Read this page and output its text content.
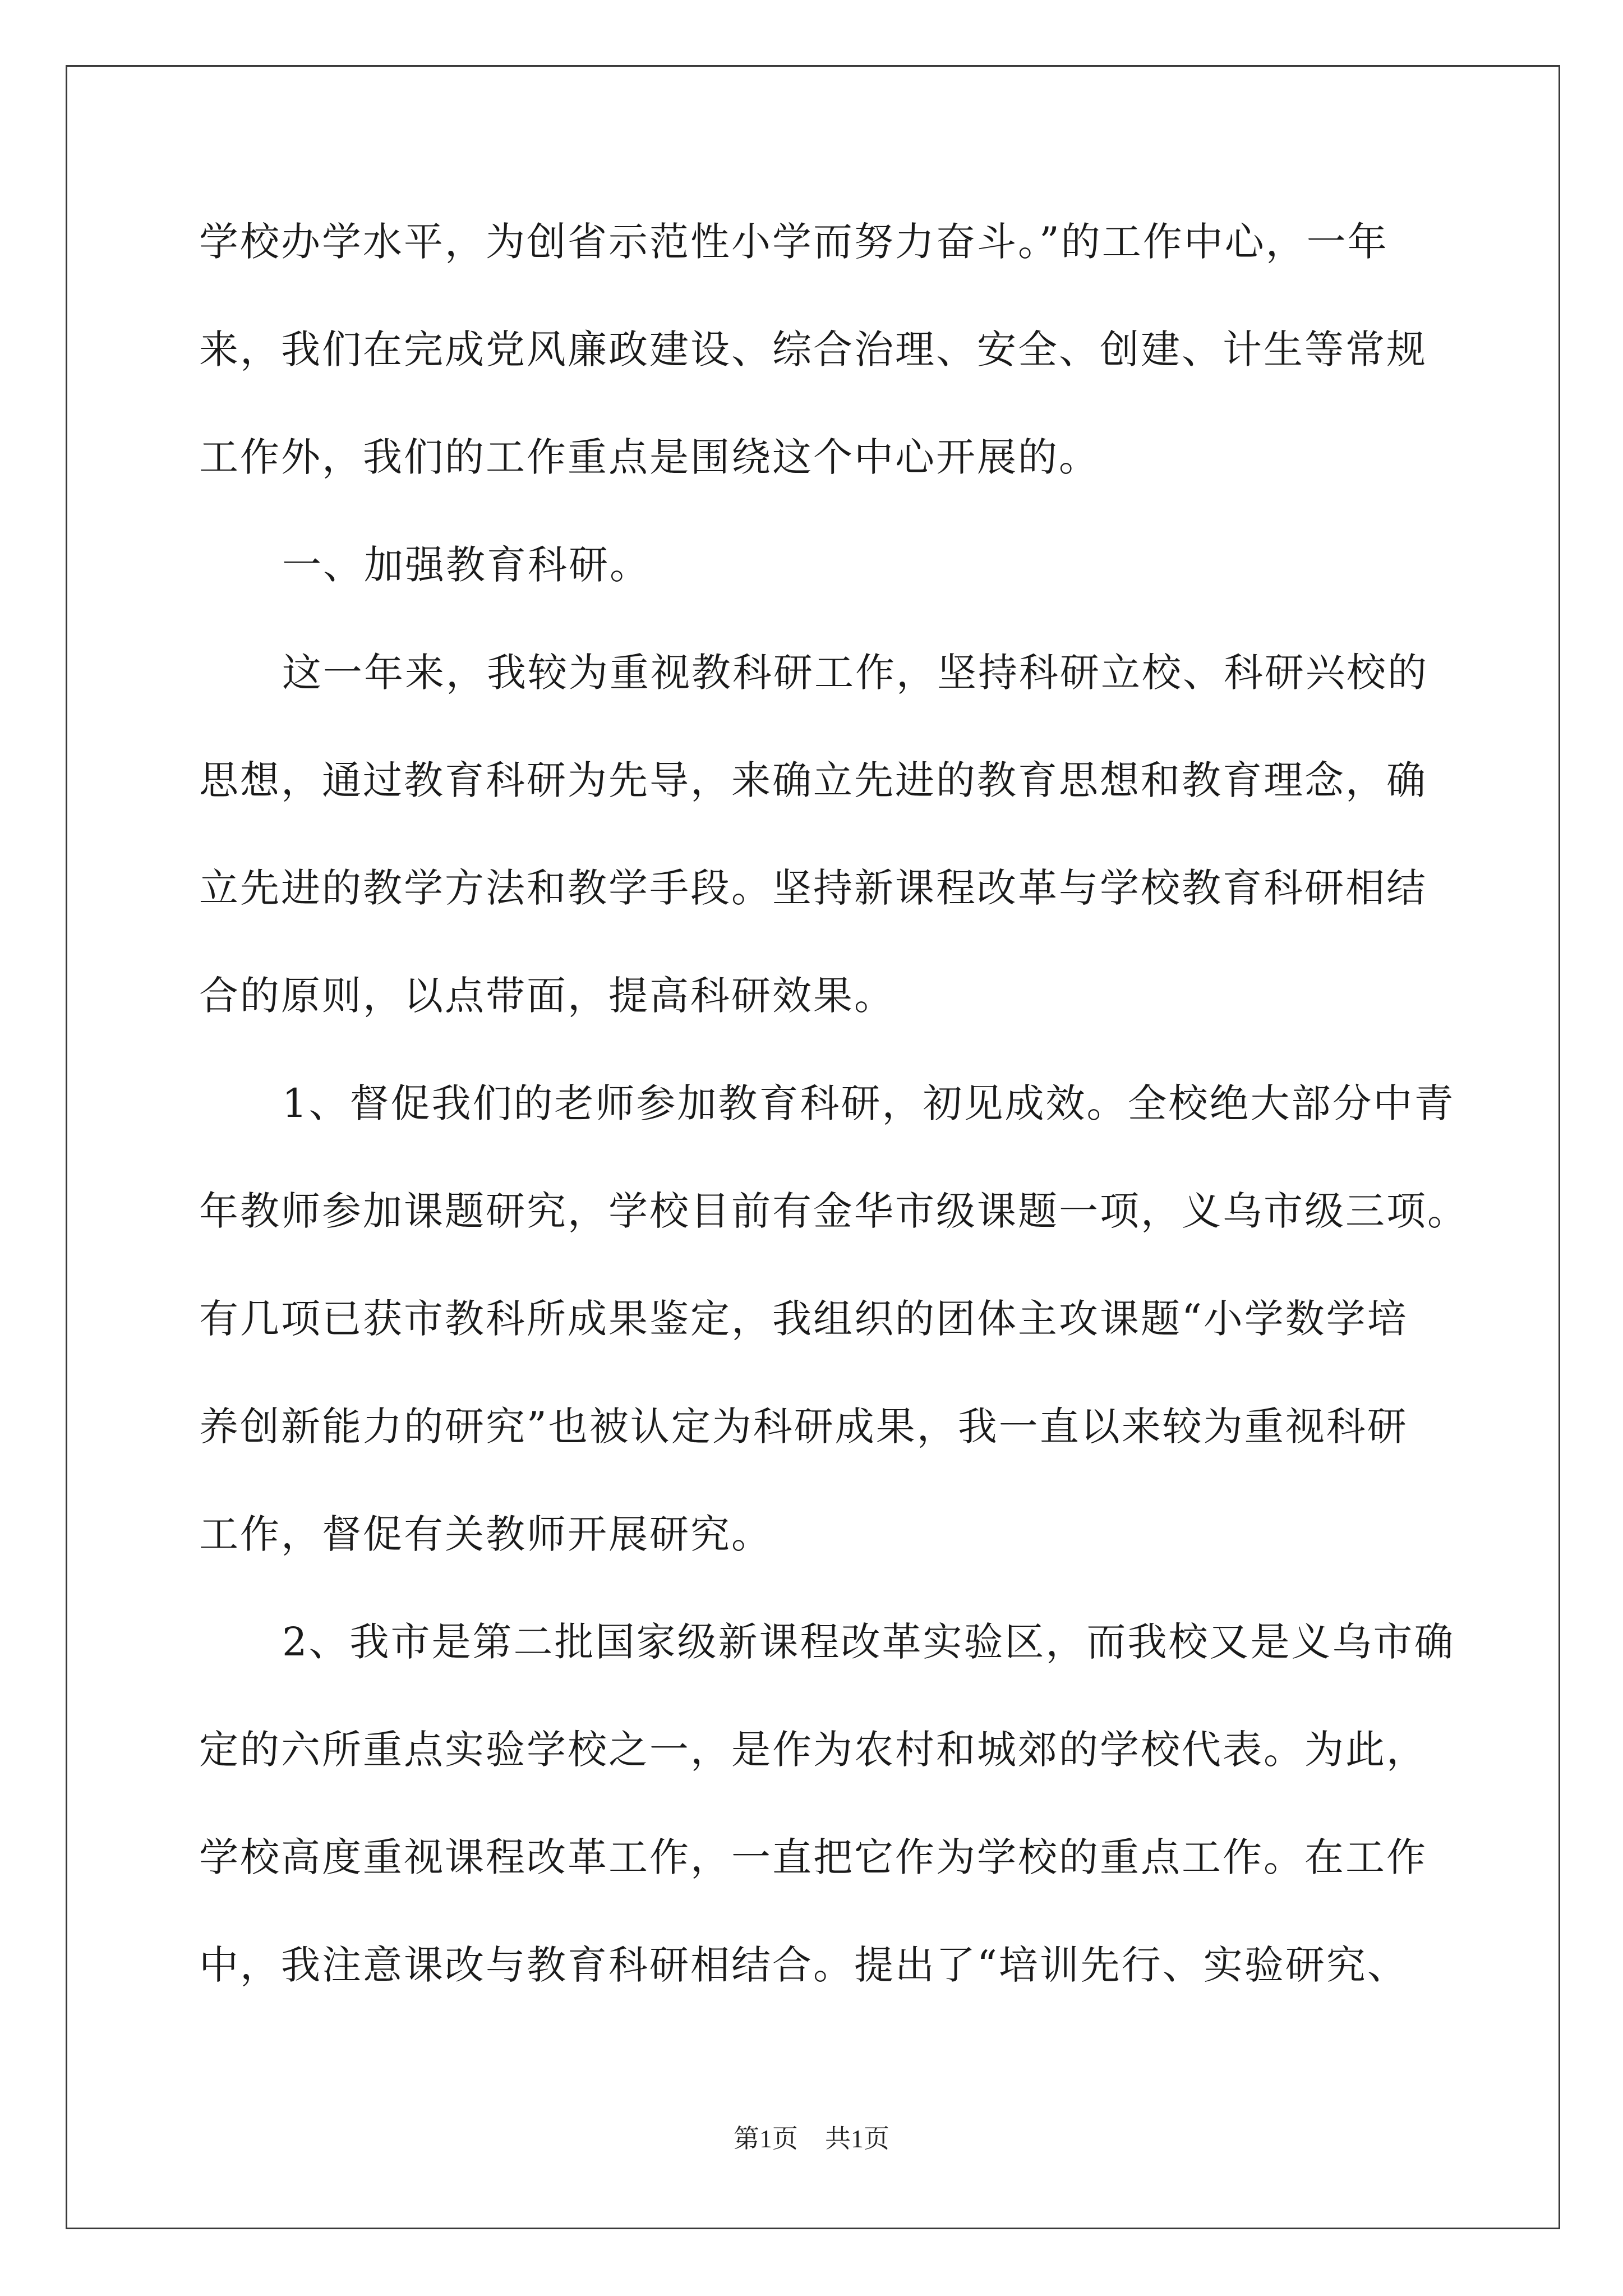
学校办学水平，为创省示范性小学而努力奋斗。”的工作中心，一年
来，我们在完成党风廉政建设、综合治理、安全、创建、计生等常规
工作外，我们的工作重点是围绕这个中心开展的。
一、加强教育科研。
这一年来，我较为重视教科研工作，坚持科研立校、科研兴校的
思想，通过教育科研为先导，来确立先进的教育思想和教育理念，确
立先进的教学方法和教学手段。坚持新课程改革与学校教育科研相结
合的原则，以点带面，提高科研效果。
1、督促我们的老师参加教育科研，初见成效。全校绝大部分中青
年教师参加课题研究，学校目前有金华市级课题一项，义乌市级三项。
有几项已获市教科所成果鉴定，我组织的团体主攻课题“小学数学培
养创新能力的研究”也被认定为科研成果，我一直以来较为重视科研
工作，督促有关教师开展研究。
2、我市是第二批国家级新课程改革实验区，而我校又是义乌市确
定的六所重点实验学校之一，是作为农村和城郊的学校代表。为此，
学校高度重视课程改革工作，一直把它作为学校的重点工作。在工作
中，我注意课改与教育科研相结合。提出了“培训先行、实验研究、
第1页 共1页
